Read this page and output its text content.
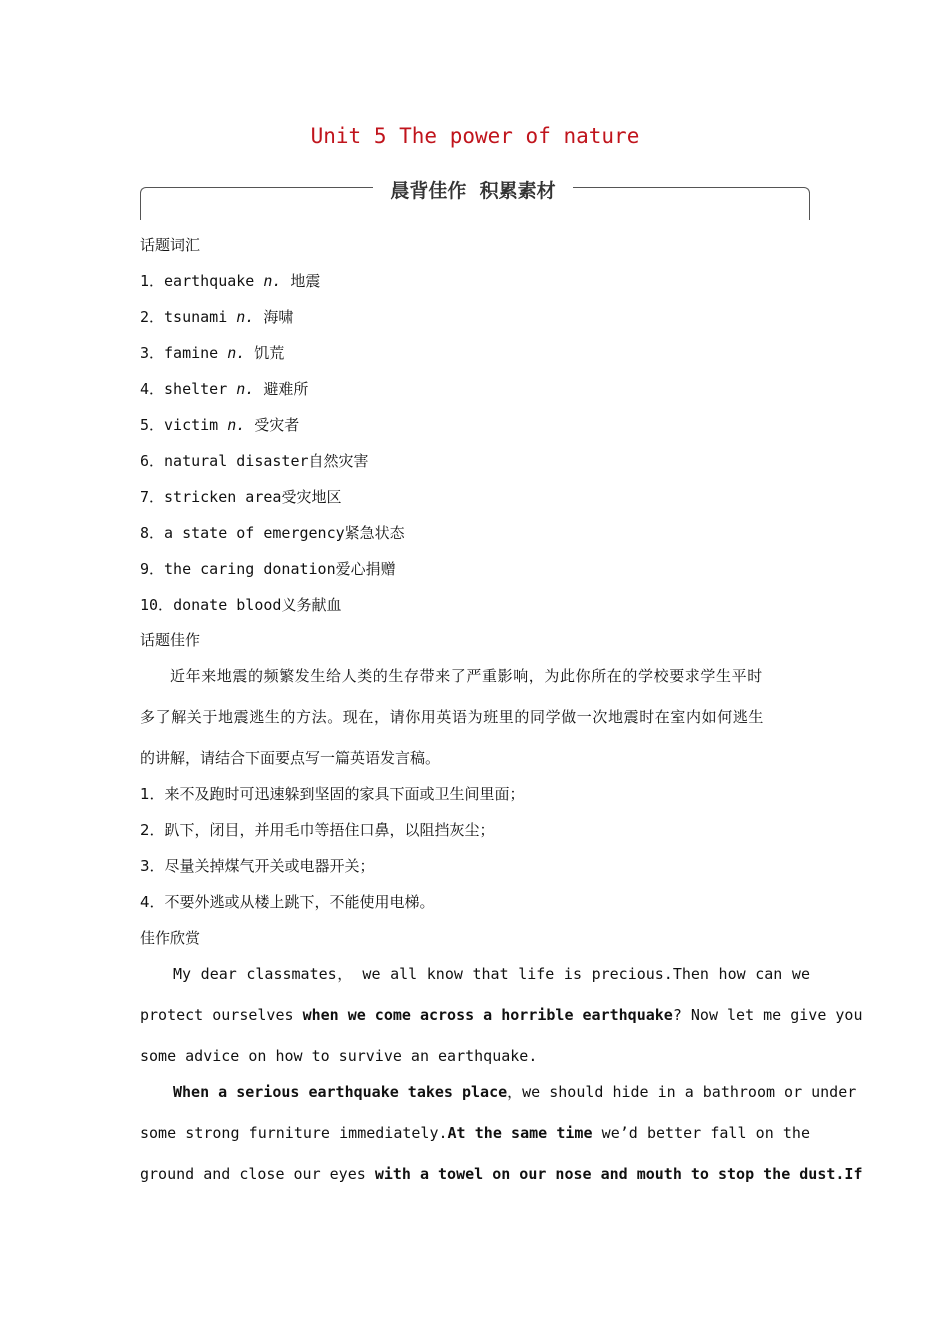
Unit 5 The power of nature
晨背佳作  积累素材
话题词汇
1．earthquake n. 地震
2．tsunami n. 海啸
3．famine n. 饥荒
4．shelter n. 避难所
5．victim n. 受灾者
6．natural disaster自然灾害
7．stricken area受灾地区
8．a state of emergency紧急状态
9．the caring donation爱心捐赠
10．donate blood义务献血
话题佳作
近年来地震的频繁发生给人类的生存带来了严重影响，为此你所在的学校要求学生平时
多了解关于地震逃生的方法。现在，请你用英语为班里的同学做一次地震时在室内如何逃生
的讲解，请结合下面要点写一篇英语发言稿。
1．来不及跑时可迅速躲到坚固的家具下面或卫生间里面；
2．趴下，闭目，并用毛巾等捂住口鼻，以阻挡灰尘；
3．尽量关掉煤气开关或电器开关；
4．不要外逃或从楼上跳下，不能使用电梯。
佳作欣赏
My dear classmates， we all know that life is precious.Then how can we
protect ourselves when we come across a horrible earthquake? Now let me give you
some advice on how to survive an earthquake.
When a serious earthquake takes place，we should hide in a bathroom or under
some strong furniture immediately.At the same time we’d better fall on the
ground and close our eyes with a towel on our nose and mouth to stop the dust.If
